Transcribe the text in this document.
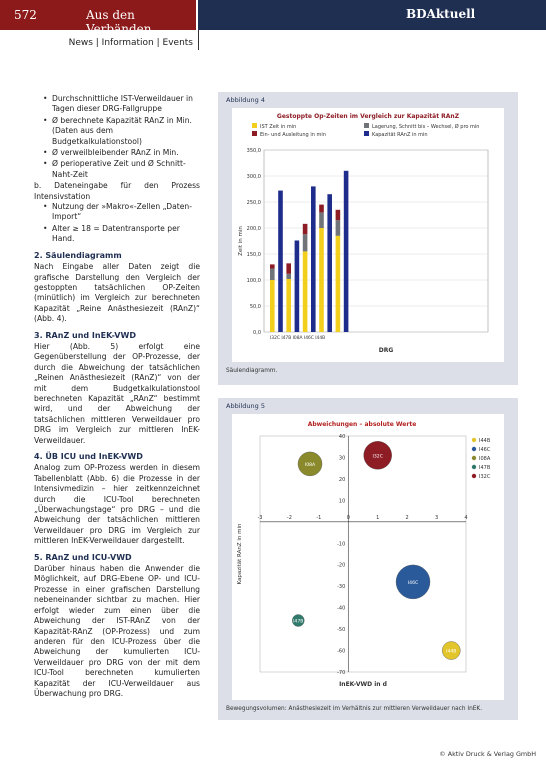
572	Aus den Verbänden
BDAktuell
News | Information | Events
• Durchschnittliche IST-Verweildauer in Tagen dieser DRG-Fallgruppe
• Ø berechnete Kapazität RAnZ in Min. (Daten aus dem Budgetkalkulationstool)
• Ø verweilbleibender RAnZ in Min.
• Ø perioperative Zeit und Ø Schnitt-Naht-Zeit

b. Dateneingabe für den Prozess Intensivstation

• Nutzung der »Makro«-Zellen „Daten-Import“
• Alter ≥ 18 = Datentransporte per Hand.
2. Säulendiagramm

Nach Eingabe aller Daten zeigt die grafische Darstellung den Vergleich der gestoppten tatsächlichen OP-Zeiten (minütlich) im Vergleich zur berechneten Kapazität „Reine Anästhesiezeit (RAnZ)“ (Abb. 4).

3. RAnZ und InEK-VWD

Hier (Abb. 5) erfolgt eine Gegenüberstellung der OP-Prozesse, der durch die Abweichung der tatsächlichen „Reinen Anästhesiezeit (RAnZ)“ von der mit dem Budgetkalkulationstool berechneten Kapazität „RAnZ“ bestimmt wird, und der Abweichung der tatsächlichen mittleren Verweildauer pro DRG im Vergleich zur mittleren InEK-Verweildauer.

4. ÜB ICU und InEK-VWD

Analog zum OP-Prozess werden in diesem Tabellenblatt (Abb. 6) die Prozesse in der Intensivmedizin – hier zeitkennzeichnet durch die ICU-Tool berechneten „Überwachungstage“ pro DRG – und die Abweichung der tatsächlichen mittleren Verweildauer pro DRG im Vergleich zur mittleren InEK-Verweildauer dargestellt.

5. RAnZ und ICU-VWD

Darüber hinaus haben die Anwender die Möglichkeit, auf DRG-Ebene OP- und ICU-Prozesse in einer grafischen Darstellung nebeneinander sichtbar zu machen. Hier erfolgt wieder zum einen über die Abweichung der IST-RAnZ von der Kapazität-RAnZ (OP-Prozess) und zum anderen für den ICU-Prozess über die Abweichung der kumulierten ICU-Verweildauer pro DRG von der mit dem ICU-Tool berechneten kumulierten Kapazität der ICU-Verweildauer aus Überwachung pro DRG.

Abbildung 4
Gestoppte Op-Zeiten im Vergleich zur Kapazität RAnZ
IST Zeit in min	Lagerung, Schnitt bis – Wechsel, Ø pro min
Ein- und Ausleitung in min	Kapazität RAnZ in min
0,0
50,0
100,0
150,0
200,0
250,0
300,0
350,0
Zeit in min
I32C I47B I08A I46C I44B
DRG
Säulendiagramm.
Abbildung 5
Abweichungen – absolute Werte
-3	-2	-1	0	1	2	3	4
40
30
20
10
-10
-20
-30
-40
-50
-60
-70
I08A
I32C
I47B
I46C
I44B
I44B
I46C
I08A
I47B
I32C
InEK-VWD in d
Kapazität RAnZ in min
Bewegungsvolumen: Anästhesiezeit im Verhältnis zur mittleren Verweildauer nach InEK.
© Aktiv Druck & Verlag GmbH
